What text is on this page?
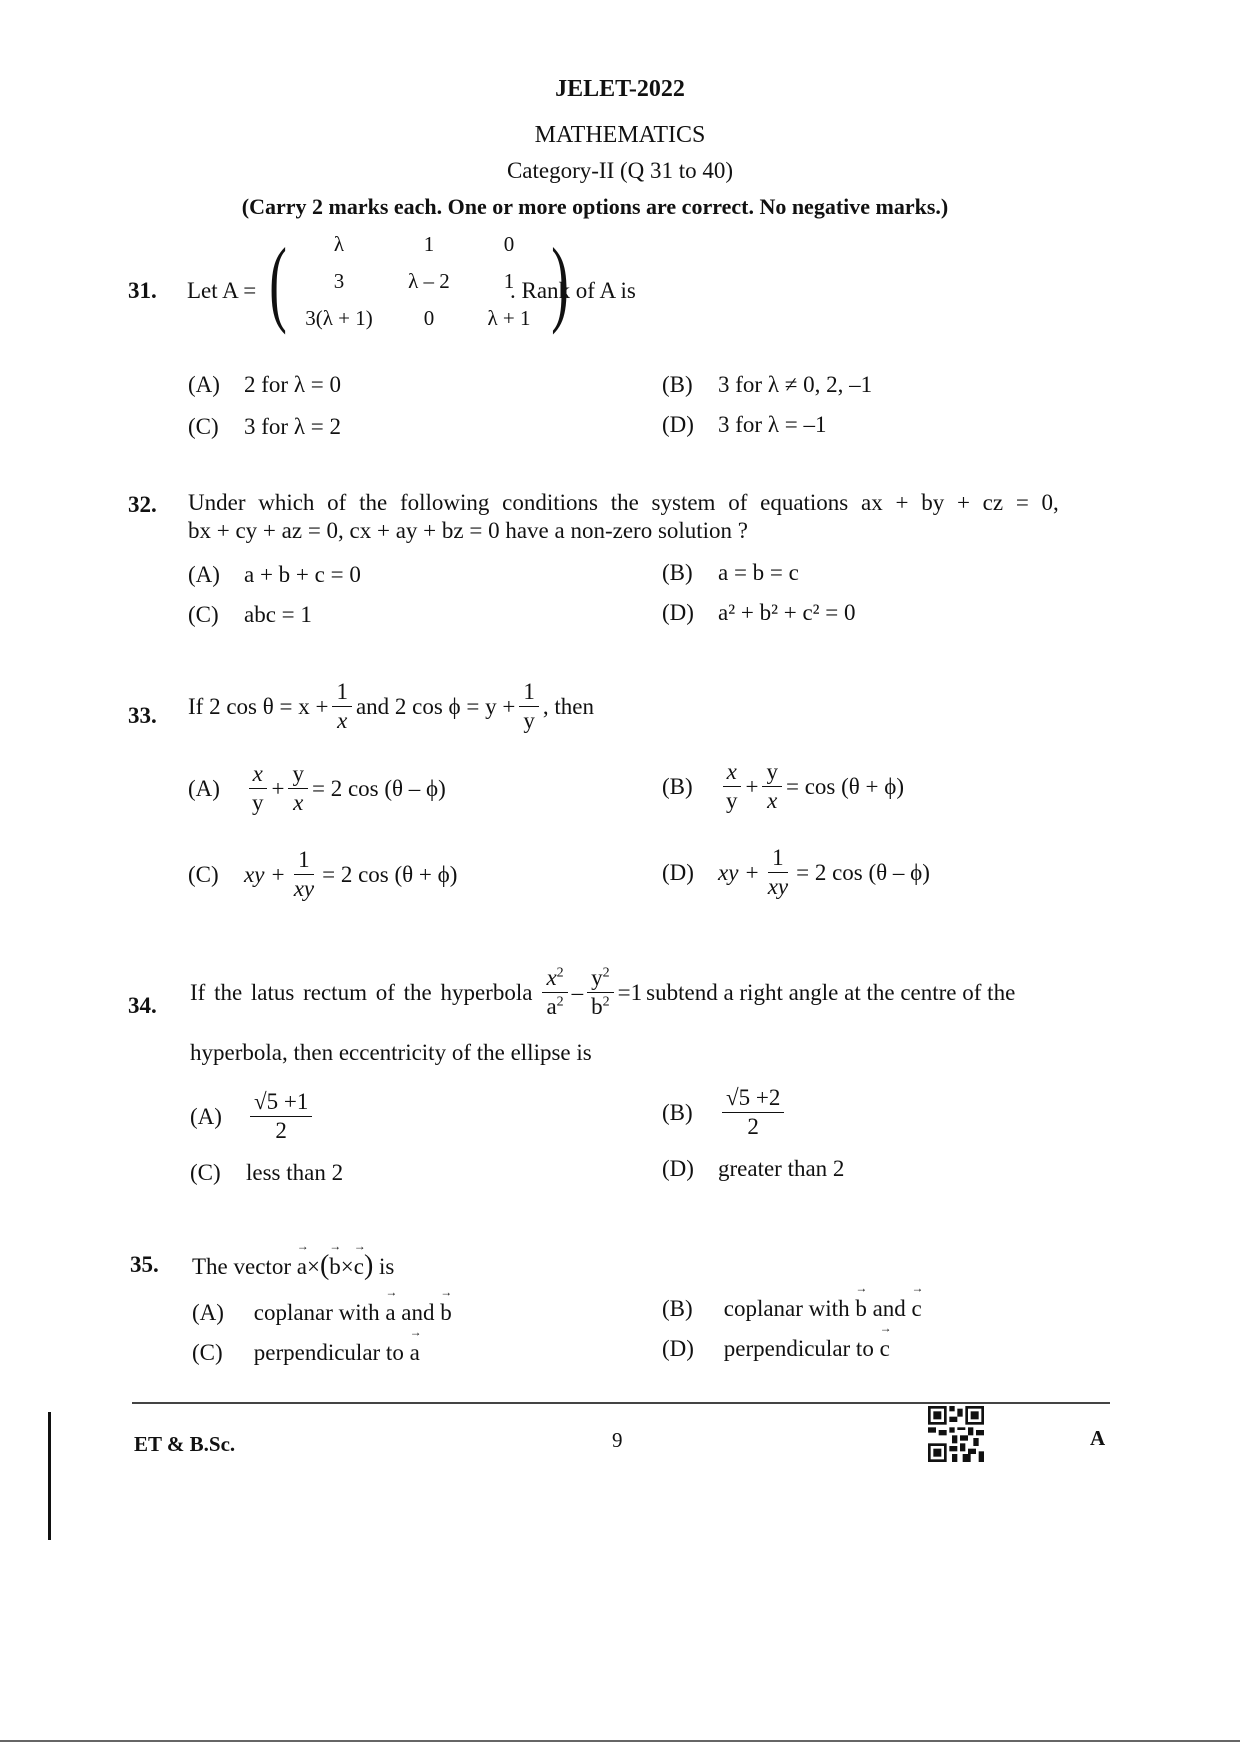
JELET-2022
MATHEMATICS
Category-II (Q 31 to 40)
(Carry 2 marks each. One or more options are correct. No negative marks.)
31. Let A = (	λ	1	0
3	λ – 2	1
3(λ + 1)	0	λ + 1 )
. Rank of A is
(A) 2 for λ = 0	(B) 3 for λ ≠ 0, 2, –1
(C) 3 for λ = 2	(D) 3 for λ = –1
32. Under which of the following conditions the system of equations ax + by + cz = 0,
bx + cy + az = 0, cx + ay + bz = 0 have a non-zero solution ?
(A) a + b + c = 0	(B) a = b = c
(C) abc = 1	(D) a² + b² + c² = 0
33. If 2 $\cos \theta = x + \frac{1}{x}$ and 2 $\cos \phi = y + \frac{1}{y}$ , then
(A)	$\frac{x}{y} + \frac{y}{x} = 2$ cos (θ – ϕ)	(B)	$\frac{x}{y} + \frac{y}{x} = \cos (\theta + \phi)$
(C)	xy + $\frac{1}{xy} = 2$ cos (θ + ϕ)	(D)	xy + $\frac{1}{xy} = 2$ cos (θ – ϕ)
34.
If the latus rectum of the hyperbola $\frac{x^2}{a^2} - \frac{y^2}{b^2} =1$ subtend a right angle at the centre of the
hyperbola, then eccentricity of the ellipse is
(A)	$\frac{√5 +1}{2}$	(B)	$\frac{√5 +2}{2}$
(C) less than 2	(D) greater than 2
35. The vector → a×(→ b×→ c) is
(A) coplanar with → a and → b	(B) coplanar with → b and → c
(C) perpendicular to → a	(D) perpendicular to → c
ET & B.Sc.	9	A
